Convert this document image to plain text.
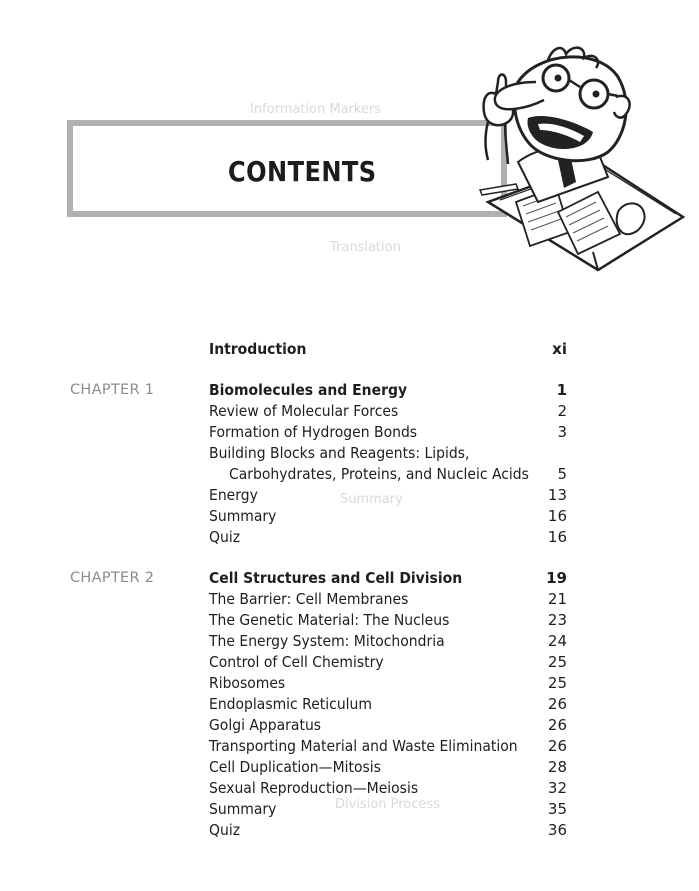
Information Markers
Translation
Summary
Division Process
CONTENTS
Introduction	xi
CHAPTER 1	Biomolecules and Energy	1
Review of Molecular Forces	2
Formation of Hydrogen Bonds	3
Building Blocks and Reagents: Lipids,
Carbohydrates, Proteins, and Nucleic Acids 5
Energy	13
Summary	16
Quiz	16
CHAPTER 2	Cell Structures and Cell Division	19
The Barrier: Cell Membranes	21
The Genetic Material: The Nucleus	23
The Energy System: Mitochondria	24
Control of Cell Chemistry	25
Ribosomes	25
Endoplasmic Reticulum	26
Golgi Apparatus	26
Transporting Material and Waste Elimination 26
Cell Duplication—Mitosis	28
Sexual Reproduction—Meiosis	32
Summary	35
Quiz	36
